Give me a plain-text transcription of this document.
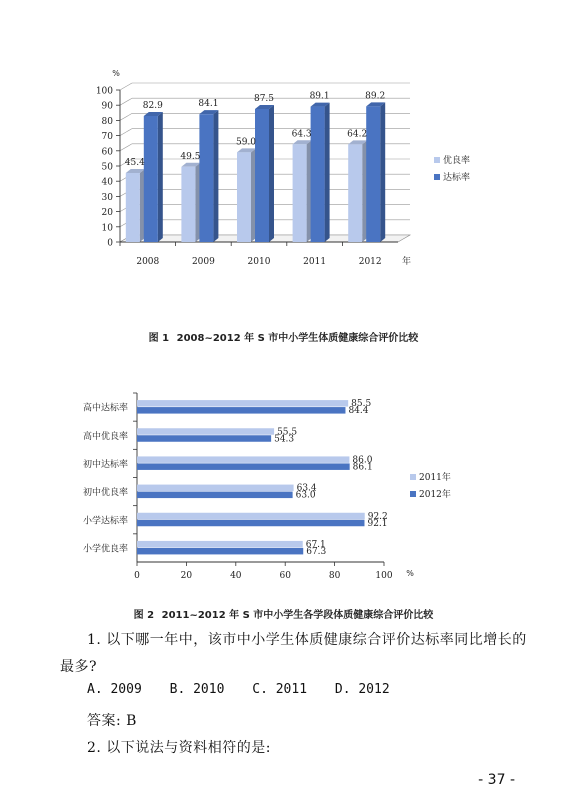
0
10
20
30
40
50
60
70
80
90
100
%
2008	2009	2010	2011	2012 年
45.4
82.9
49.5
84.1
59.0
87.5
64.3
89.1
64.2
89.2
优良率
达标率
图 1 2008~2012 年 S 市中小学生体质健康综合评价比较
0	20	40	60	80	100 %
高中达标率
高中优良率
初中达标率
初中优良率
小学达标率
小学优良率
85.5
84.4
55.5
54.3
86.0
86.1
63.4
63.0
92.2
92.1
67.1
67.3
2011年
2012年
图 2 2011~2012 年 S 市中小学生各学段体质健康综合评价比较
1. 以下哪一年中，该市中小学生体质健康综合评价达标率同比增长的
最多?
A. 2009 B. 2010 C. 2011 D. 2012
答案: B
2. 以下说法与资料相符的是:
- 37 -
